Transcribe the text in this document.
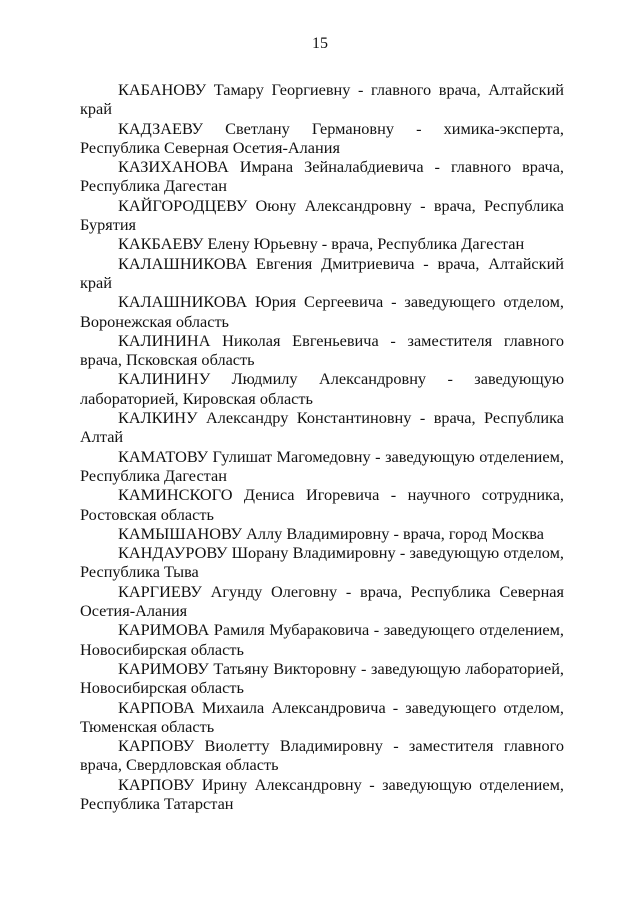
15

КАБАНОВУ Тамару Георгиевну - главного врача, Алтайский край

КАДЗАЕВУ Светлану Германовну - химика-эксперта, Республика Северная Осетия-Алания

КАЗИХАНОВА Имрана Зейналабдиевича - главного врача, Республика Дагестан

КАЙГОРОДЦЕВУ Оюну Александровну - врача, Республика Бурятия

КАКБАЕВУ Елену Юрьевну - врача, Республика Дагестан

КАЛАШНИКОВА Евгения Дмитриевича - врача, Алтайский край

КАЛАШНИКОВА Юрия Сергеевича - заведующего отделом, Воронежская область

КАЛИНИНА Николая Евгеньевича - заместителя главного врача, Псковская область

КАЛИНИНУ Людмилу Александровну - заведующую лабораторией, Кировская область

КАЛКИНУ Александру Константиновну - врача, Республика Алтай

КАМАТОВУ Гулишат Магомедовну - заведующую отделением, Республика Дагестан

КАМИНСКОГО Дениса Игоревича - научного сотрудника, Ростовская область

КАМЫШАНОВУ Аллу Владимировну - врача, город Москва

КАНДАУРОВУ Шорану Владимировну - заведующую отделом, Республика Тыва

КАРГИЕВУ Агунду Олеговну - врача, Республика Северная Осетия-Алания

КАРИМОВА Рамиля Мубараковича - заведующего отделением, Новосибирская область

КАРИМОВУ Татьяну Викторовну - заведующую лабораторией, Новосибирская область

КАРПОВА Михаила Александровича - заведующего отделом, Тюменская область

КАРПОВУ Виолетту Владимировну - заместителя главного врача, Свердловская область

КАРПОВУ Ирину Александровну - заведующую отделением, Республика Татарстан
